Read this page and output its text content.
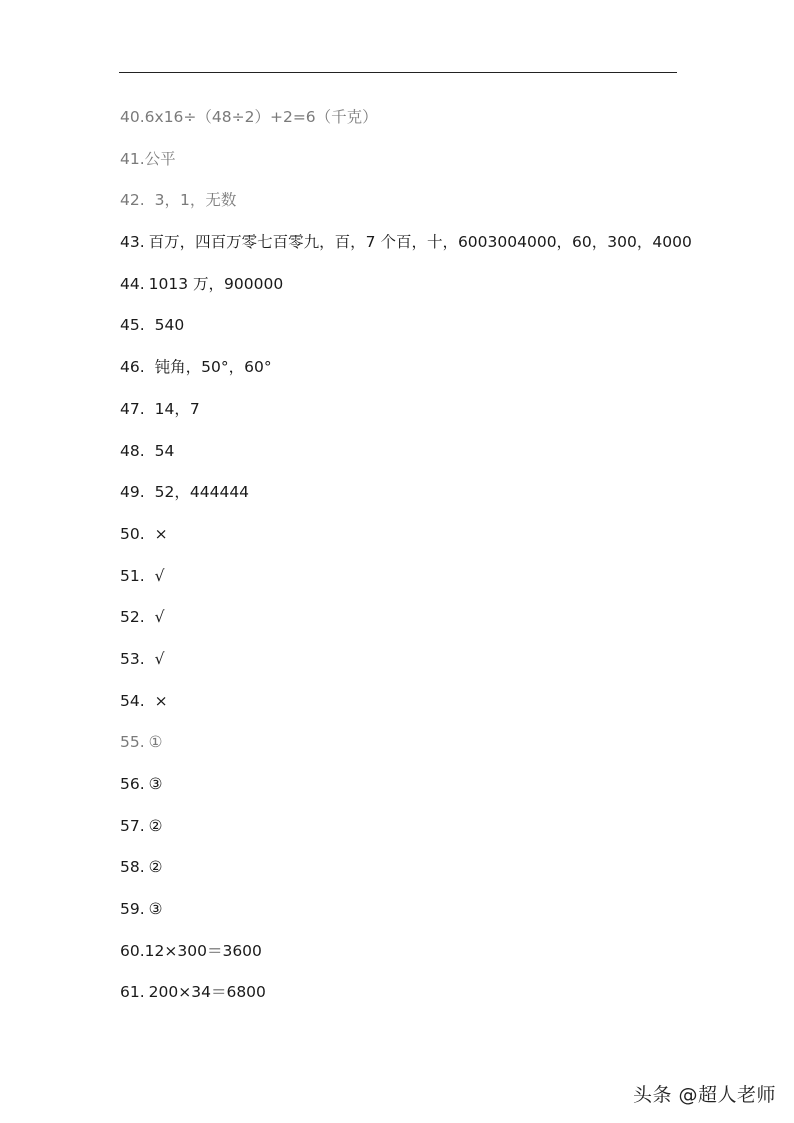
40. 6x16÷（48÷2）+2=6（千克）
41. 公平
42. 3，1，无数
43. 百万，四百万零七百零九，百，7 个百，十，6003004000，60，300，4000
44. 1013 万，900000
45. 540
46. 钝角，50°，60°
47. 14，7
48. 54
49. 52，444444
50. ×
51. √
52. √
53. √
54. ×
55. ①
56. ③
57. ②
58. ②
59. ③
60. 12×300＝3600
61. 200×34＝6800
头条 @超人老师
